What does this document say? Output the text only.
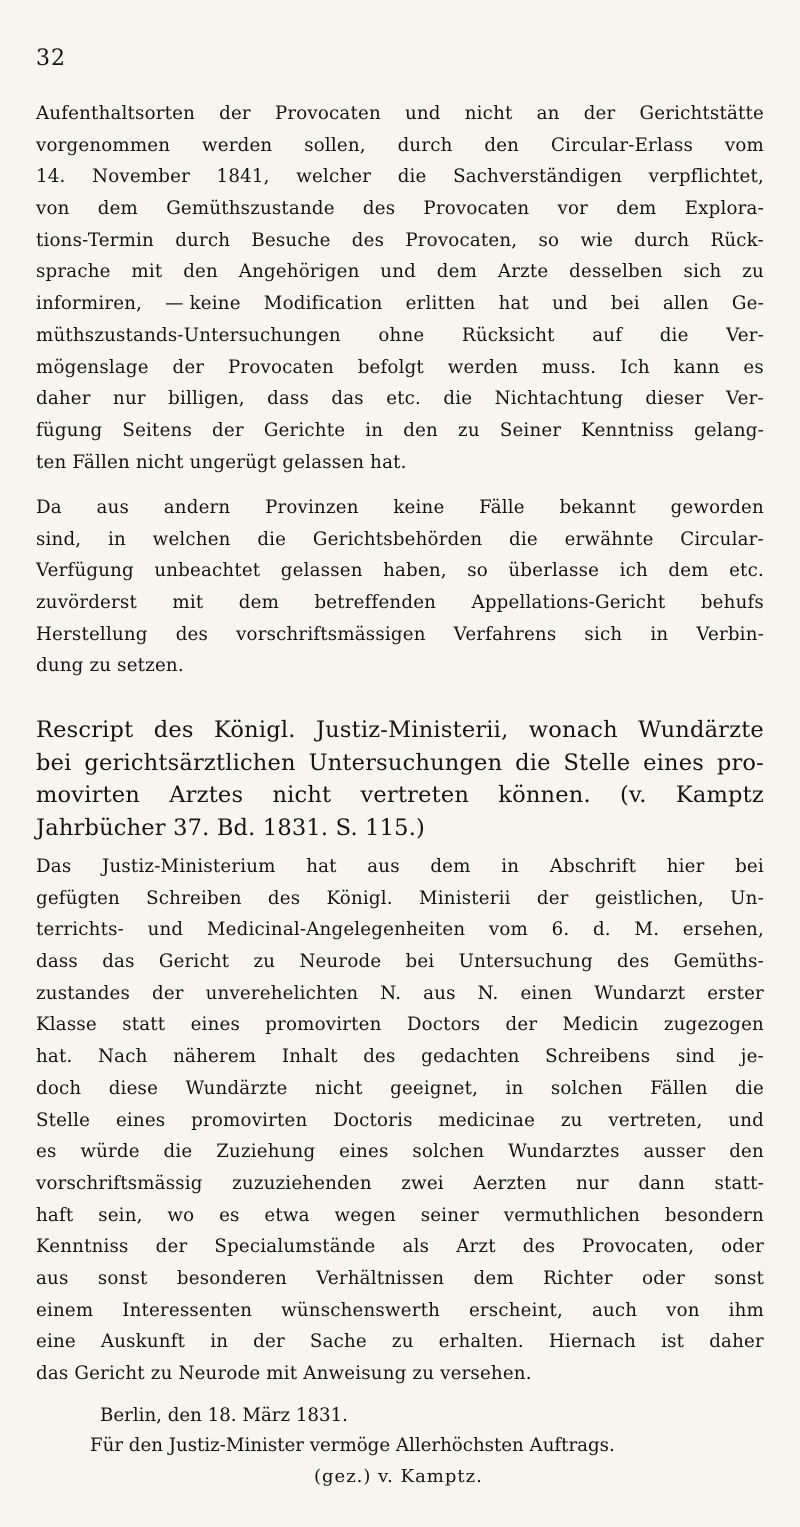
32
Aufenthaltsorten der Provocaten und nicht an der Gerichtstätte
vorgenommen werden sollen, durch den Circular-Erlass vom
14. November 1841, welcher die Sachverständigen verpflichtet,
von dem Gemüthszustande des Provocaten vor dem Explora-
tions-Termin durch Besuche des Provocaten, so wie durch Rück-
sprache mit den Angehörigen und dem Arzte desselben sich zu
informiren, — keine Modification erlitten hat und bei allen Ge-
müthszustands-Untersuchungen ohne Rücksicht auf die Ver-
mögenslage der Provocaten befolgt werden muss. Ich kann es
daher nur billigen, dass das etc. die Nichtachtung dieser Ver-
fügung Seitens der Gerichte in den zu Seiner Kenntniss gelang-
ten Fällen nicht ungerügt gelassen hat.
Da aus andern Provinzen keine Fälle bekannt geworden
sind, in welchen die Gerichtsbehörden die erwähnte Circular-
Verfügung unbeachtet gelassen haben, so überlasse ich dem etc.
zuvörderst mit dem betreffenden Appellations-Gericht behufs
Herstellung des vorschriftsmässigen Verfahrens sich in Verbin-
dung zu setzen.
Rescript des Königl. Justiz-Ministerii, wonach Wundärzte
bei gerichtsärztlichen Untersuchungen die Stelle eines pro-
movirten Arztes nicht vertreten können. (v. Kamptz
Jahrbücher 37. Bd. 1831. S. 115.)
Das Justiz-Ministerium hat aus dem in Abschrift hier bei
gefügten Schreiben des Königl. Ministerii der geistlichen, Un-
terrichts- und Medicinal-Angelegenheiten vom 6. d. M. ersehen,
dass das Gericht zu Neurode bei Untersuchung des Gemüths-
zustandes der unverehelichten N. aus N. einen Wundarzt erster
Klasse statt eines promovirten Doctors der Medicin zugezogen
hat. Nach näherem Inhalt des gedachten Schreibens sind je-
doch diese Wundärzte nicht geeignet, in solchen Fällen die
Stelle eines promovirten Doctoris medicinae zu vertreten, und
es würde die Zuziehung eines solchen Wundarztes ausser den
vorschriftsmässig zuzuziehenden zwei Aerzten nur dann statt-
haft sein, wo es etwa wegen seiner vermuthlichen besondern
Kenntniss der Specialumstände als Arzt des Provocaten, oder
aus sonst besonderen Verhältnissen dem Richter oder sonst
einem Interessenten wünschenswerth erscheint, auch von ihm
eine Auskunft in der Sache zu erhalten. Hiernach ist daher
das Gericht zu Neurode mit Anweisung zu versehen.
Berlin, den 18. März 1831.
Für den Justiz-Minister vermöge Allerhöchsten Auftrags.
(gez.) v. Kamptz.
